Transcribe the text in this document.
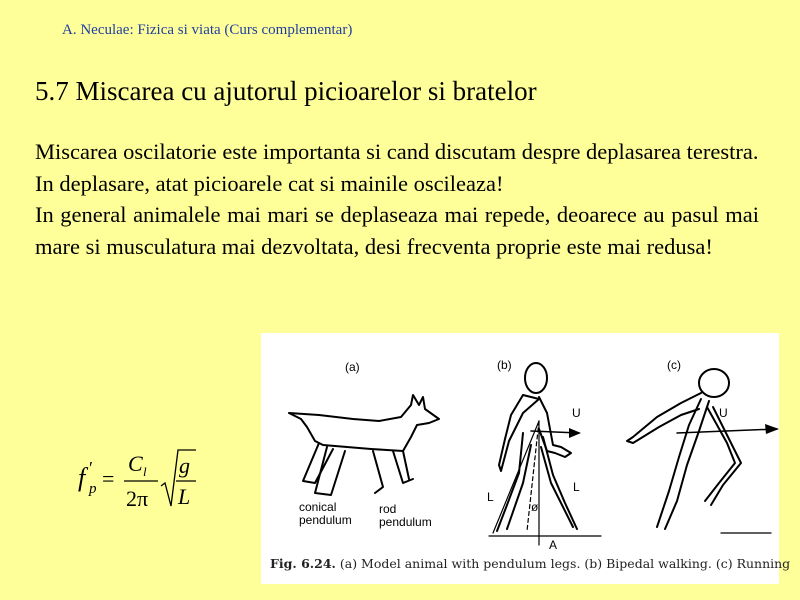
A. Neculae: Fizica si viata (Curs complementar)
5.7 Miscarea cu ajutorul picioarelor si bratelor

Miscarea oscilatorie este importanta si cand discutam despre deplasarea terestra.

In deplasare, atat picioarele cat si mainile oscileaza!

In general animalele mai mari se deplaseaza mai repede, deoarece au pasul mai mare si musculatura mai dezvoltata, desi frecventa proprie este mai redusa!

f ′
p =
C l
2π
g
L
(a)	(b)	(c)
conical
pendulum
rod
pendulum
U	U
L
L
ø
A
Fig. 6.24. (a) Model animal with pendulum legs. (b) Bipedal walking. (c) Running
